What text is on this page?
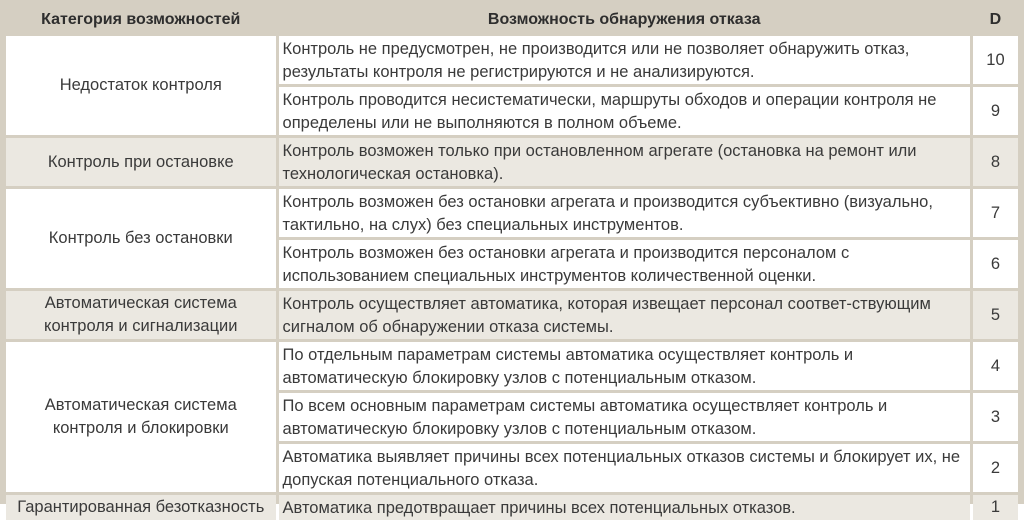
Категория возможностей	Возможность обнаружения отказа	D
Недостаток контроля	Контроль не предусмотрен, не производится или не позволяет обнаружить отказ, результаты контроля не регистрируются и не анализируются.	10
	Контроль проводится несистематически, маршруты обходов и операции контроля не определены или не выполняются в полном объеме.	9
Контроль при остановке	Контроль возможен только при остановленном агрегате (остановка на ремонт или технологическая остановка).	8
Контроль без остановки	Контроль возможен без остановки агрегата и производится субъективно (визуально, тактильно, на слух) без специальных инструментов.	7
	Контроль возможен без остановки агрегата и производится персоналом с использованием специальных инструментов количественной оценки.	6
Автоматическая система контроля и сигнализации	Контроль осуществляет автоматика, которая извещает персонал соответ-ствующим сигналом об обнаружении отказа системы.	5
Автоматическая система контроля и блокировки	По отдельным параметрам системы автоматика осуществляет контроль и автоматическую блокировку узлов с потенциальным отказом.	4
	По всем основным параметрам системы автоматика осуществляет контроль и автоматическую блокировку узлов с потенциальным отказом.	3
	Автоматика выявляет причины всех потенциальных отказов системы и блокирует их, не допуская потенциального отказа.	2
Гарантированная безотказность	Автоматика предотвращает причины всех потенциальных отказов.	1
